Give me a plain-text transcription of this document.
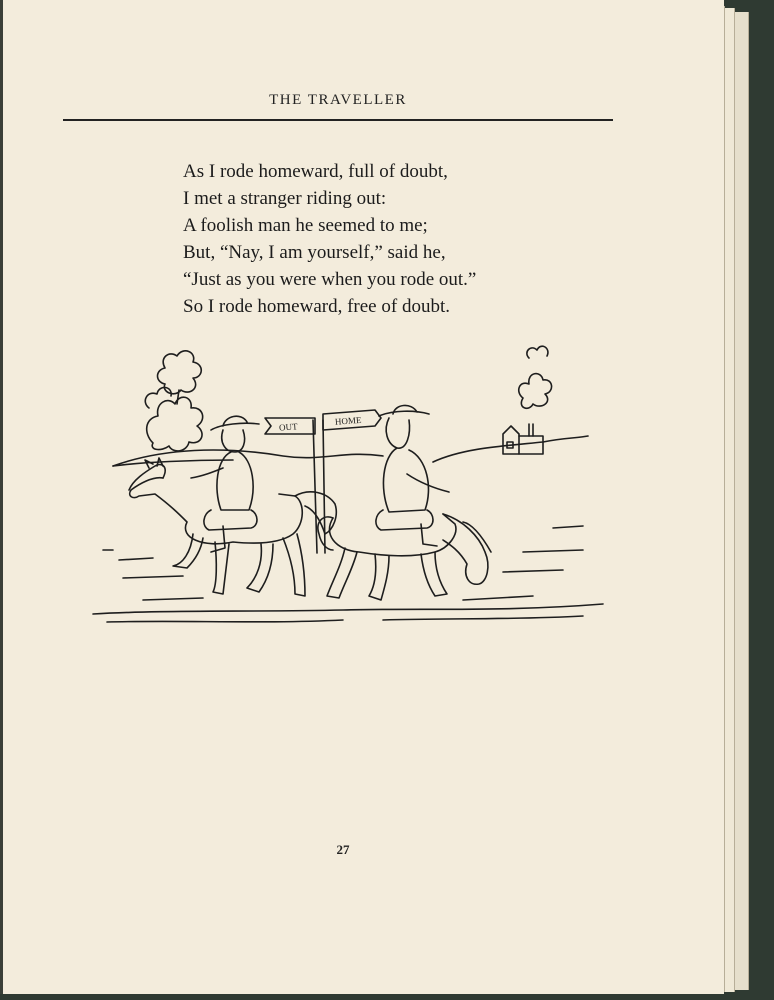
THE TRAVELLER
As I rode homeward, full of doubt,
I met a stranger riding out:
A foolish man he seemed to me;
But, “Nay, I am yourself,” said he,
“Just as you were when you rode out.”
So I rode homeward, free of doubt.
OUT
HOME
27
